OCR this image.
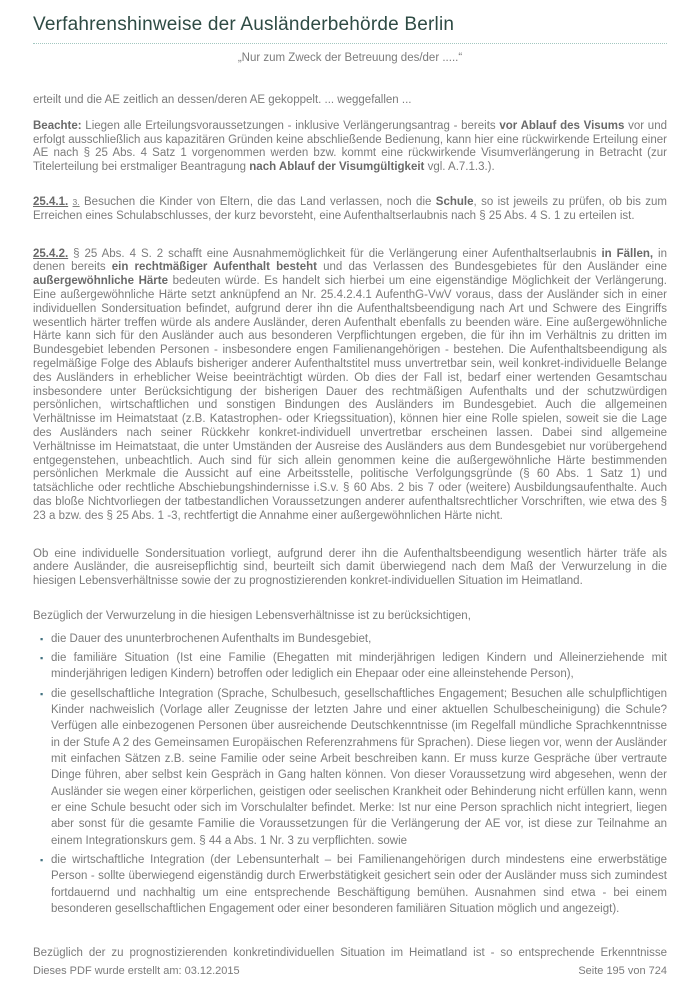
Verfahrenshinweise der Ausländerbehörde Berlin
„Nur zum Zweck der Betreuung des/der .....“

erteilt und die AE zeitlich an dessen/deren AE gekoppelt. ... weggefallen ...

Beachte: Liegen alle Erteilungsvoraussetzungen - inklusive Verlängerungsantrag - bereits vor Ablauf des Visums vor und erfolgt ausschließlich aus kapazitären Gründen keine abschließende Bedienung, kann hier eine rückwirkende Erteilung einer AE nach § 25 Abs. 4 Satz 1 vorgenommen werden bzw. kommt eine rückwirkende Visumverlängerung in Betracht (zur Titelerteilung bei erstmaliger Beantragung nach Ablauf der Visumgültigkeit vgl. A.7.1.3.).

25.4.1. 3. Besuchen die Kinder von Eltern, die das Land verlassen, noch die Schule, so ist jeweils zu prüfen, ob bis zum Erreichen eines Schulabschlusses, der kurz bevorsteht, eine Aufenthaltserlaubnis nach § 25 Abs. 4 S. 1 zu erteilen ist.

25.4.2. § 25 Abs. 4 S. 2 schafft eine Ausnahmemöglichkeit für die Verlängerung einer Aufenthaltserlaubnis in Fällen, in denen bereits ein rechtmäßiger Aufenthalt besteht und das Verlassen des Bundesgebietes für den Ausländer eine außergewöhnliche Härte bedeuten würde. Es handelt sich hierbei um eine eigenständige Möglichkeit der Verlängerung. Eine außergewöhnliche Härte setzt anknüpfend an Nr. 25.4.2.4.1 AufenthG-VwV voraus, dass der Ausländer sich in einer individuellen Sondersituation befindet, aufgrund derer ihn die Aufenthaltsbeendigung nach Art und Schwere des Eingriffs wesentlich härter treffen würde als andere Ausländer, deren Aufenthalt ebenfalls zu beenden wäre. Eine außergewöhnliche Härte kann sich für den Ausländer auch aus besonderen Verpflichtungen ergeben, die für ihn im Verhältnis zu dritten im Bundesgebiet lebenden Personen - insbesondere engen Familienangehörigen - bestehen. Die Aufenthaltsbeendigung als regelmäßige Folge des Ablaufs bisheriger anderer Aufenthaltstitel muss unvertretbar sein, weil konkret-individuelle Belange des Ausländers in erheblicher Weise beeinträchtigt würden. Ob dies der Fall ist, bedarf einer wertenden Gesamtschau insbesondere unter Berücksichtigung der bisherigen Dauer des rechtmäßigen Aufenthalts und der schutzwürdigen persönlichen, wirtschaftlichen und sonstigen Bindungen des Ausländers im Bundesgebiet. Auch die allgemeinen Verhältnisse im Heimatstaat (z.B. Katastrophen- oder Kriegssituation), können hier eine Rolle spielen, soweit sie die Lage des Ausländers nach seiner Rückkehr konkret-individuell unvertretbar erscheinen lassen. Dabei sind allgemeine Verhältnisse im Heimatstaat, die unter Umständen der Ausreise des Ausländers aus dem Bundesgebiet nur vorübergehend entgegenstehen, unbeachtlich. Auch sind für sich allein genommen keine die außergewöhnliche Härte bestimmenden persönlichen Merkmale die Aussicht auf eine Arbeitsstelle, politische Verfolgungsgründe (§ 60 Abs. 1 Satz 1) und tatsächliche oder rechtliche Abschiebungshindernisse i.S.v. § 60 Abs. 2 bis 7 oder (weitere) Ausbildungsaufenthalte. Auch das bloße Nichtvorliegen der tatbestandlichen Voraussetzungen anderer aufenthaltsrechtlicher Vorschriften, wie etwa des § 23 a bzw. des § 25 Abs. 1 -3, rechtfertigt die Annahme einer außergewöhnlichen Härte nicht.

Ob eine individuelle Sondersituation vorliegt, aufgrund derer ihn die Aufenthaltsbeendigung wesentlich härter träfe als andere Ausländer, die ausreisepflichtig sind, beurteilt sich damit überwiegend nach dem Maß der Verwurzelung in die hiesigen Lebensverhältnisse sowie der zu prognostizierenden konkret-individuellen Situation im Heimatland.

Bezüglich der Verwurzelung in die hiesigen Lebensverhältnisse ist zu berücksichtigen,

▪ die Dauer des ununterbrochenen Aufenthalts im Bundesgebiet,
▪ die familiäre Situation (Ist eine Familie (Ehegatten mit minderjährigen ledigen Kindern und Alleinerziehende mit minderjährigen ledigen Kindern) betroffen oder lediglich ein Ehepaar oder eine alleinstehende Person),
▪ die gesellschaftliche Integration (Sprache, Schulbesuch, gesellschaftliches Engagement; Besuchen alle schulpflichtigen Kinder nachweislich (Vorlage aller Zeugnisse der letzten Jahre und einer aktuellen Schulbescheinigung) die Schule? Verfügen alle einbezogenen Personen über ausreichende Deutschkenntnisse (im Regelfall mündliche Sprachkenntnisse in der Stufe A 2 des Gemeinsamen Europäischen Referenzrahmens für Sprachen). Diese liegen vor, wenn der Ausländer mit einfachen Sätzen z.B. seine Familie oder seine Arbeit beschreiben kann. Er muss kurze Gespräche über vertraute Dinge führen, aber selbst kein Gespräch in Gang halten können. Von dieser Voraussetzung wird abgesehen, wenn der Ausländer sie wegen einer körperlichen, geistigen oder seelischen Krankheit oder Behinderung nicht erfüllen kann, wenn er eine Schule besucht oder sich im Vorschulalter befindet. Merke: Ist nur eine Person sprachlich nicht integriert, liegen aber sonst für die gesamte Familie die Voraussetzungen für die Verlängerung der AE vor, ist diese zur Teilnahme an einem Integrationskurs gem. § 44 a Abs. 1 Nr. 3 zu verpflichten. sowie
▪ die wirtschaftliche Integration (der Lebensunterhalt – bei Familienangehörigen durch mindestens eine erwerbstätige Person - sollte überwiegend eigenständig durch Erwerbstätigkeit gesichert sein oder der Ausländer muss sich zumindest fortdauernd und nachhaltig um eine entsprechende Beschäftigung bemühen. Ausnahmen sind etwa - bei einem besonderen gesellschaftlichen Engagement oder einer besonderen familiären Situation möglich und angezeigt).

Bezüglich der zu prognostizierenden konkretindividuellen Situation im Heimatland ist - so entsprechende Erkenntnisse

Dieses PDF wurde erstellt am: 03.12.2015	Seite 195 von 724
